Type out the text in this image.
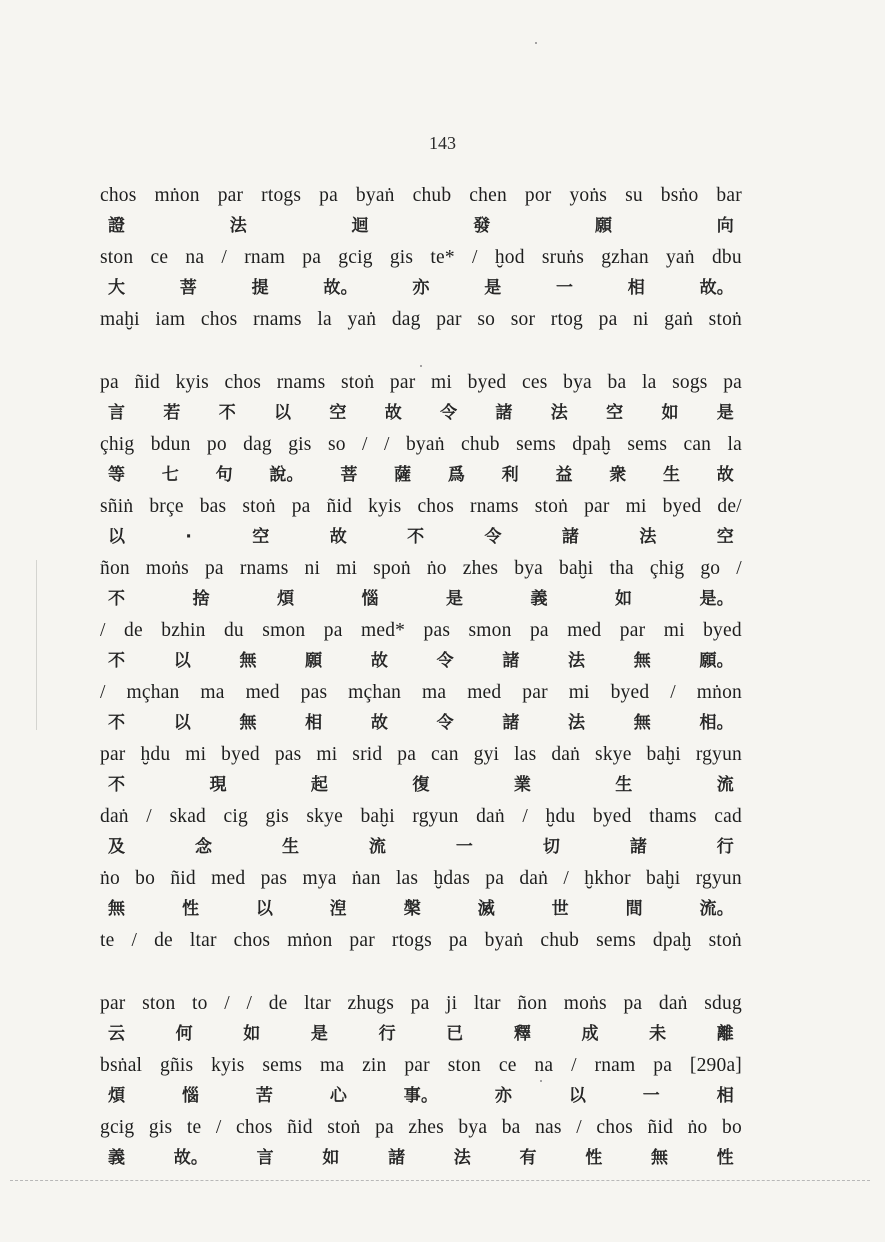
143
chos mṅon par rtogs pa byaṅ chub chen por yoṅs su bsṅo bar
證	法	迴	發	願	向
ston ce na / rnam pa gcig gis te* / ḫod sruṅs gzhan yaṅ dbu
大	菩	提	故。	亦	是	一	相	故。
maḫi iam chos rnams la yaṅ dag par so sor rtog pa ni gaṅ stoṅ
pa ñid kyis chos rnams stoṅ par mi byed ces bya ba la sogs pa
言 若 不 以 空 故 令 諸 法 空 如 是
çhig bdun po dag gis so / / byaṅ chub sems dpaḫ sems can la
等 七 句 說。 菩 薩 爲 利 益 衆 生 故
sñiṅ brçe bas stoṅ pa ñid kyis chos rnams stoṅ par mi byed de/
以	·	空	故	不	令	諸	法	空
ñon moṅs pa rnams ni mi spoṅ ṅo zhes bya baḫi tha çhig go /
不	捨	煩	惱	是	義	如	是。
/ de bzhin du smon pa med* pas smon pa med par mi byed
不	以	無	願	故	令	諸	法	無	願。
/ mçhan ma med pas mçhan ma med par mi byed / mṅon
不	以	無	相	故	令	諸	法	無	相。
par ḫdu mi byed pas mi srid pa can gyi las daṅ skye baḫi rgyun
不	現	起	復	業	生	流
daṅ / skad cig gis skye baḫi rgyun daṅ / ḫdu byed thams cad
及	念	生	流	一	切	諸	行
ṅo bo ñid med pas mya ṅan las ḫdas pa daṅ / ḫkhor baḫi rgyun
無	性	以	湼	槃	滅	世	間	流。
te / de ltar chos mṅon par rtogs pa byaṅ chub sems dpaḫ stoṅ
par ston to / / de ltar zhugs pa ji ltar ñon moṅs pa daṅ sdug
云	何	如	是	行	已	釋	成	未	離
bsṅal gñis kyis sems ma zin par ston ce na / rnam pa [290a]
煩	惱	苦	心	事。	亦	以	一	相
gcig gis te / chos ñid stoṅ pa zhes bya ba nas / chos ñid ṅo bo
義	故。	言	如	諸	法	有	性	無	性
